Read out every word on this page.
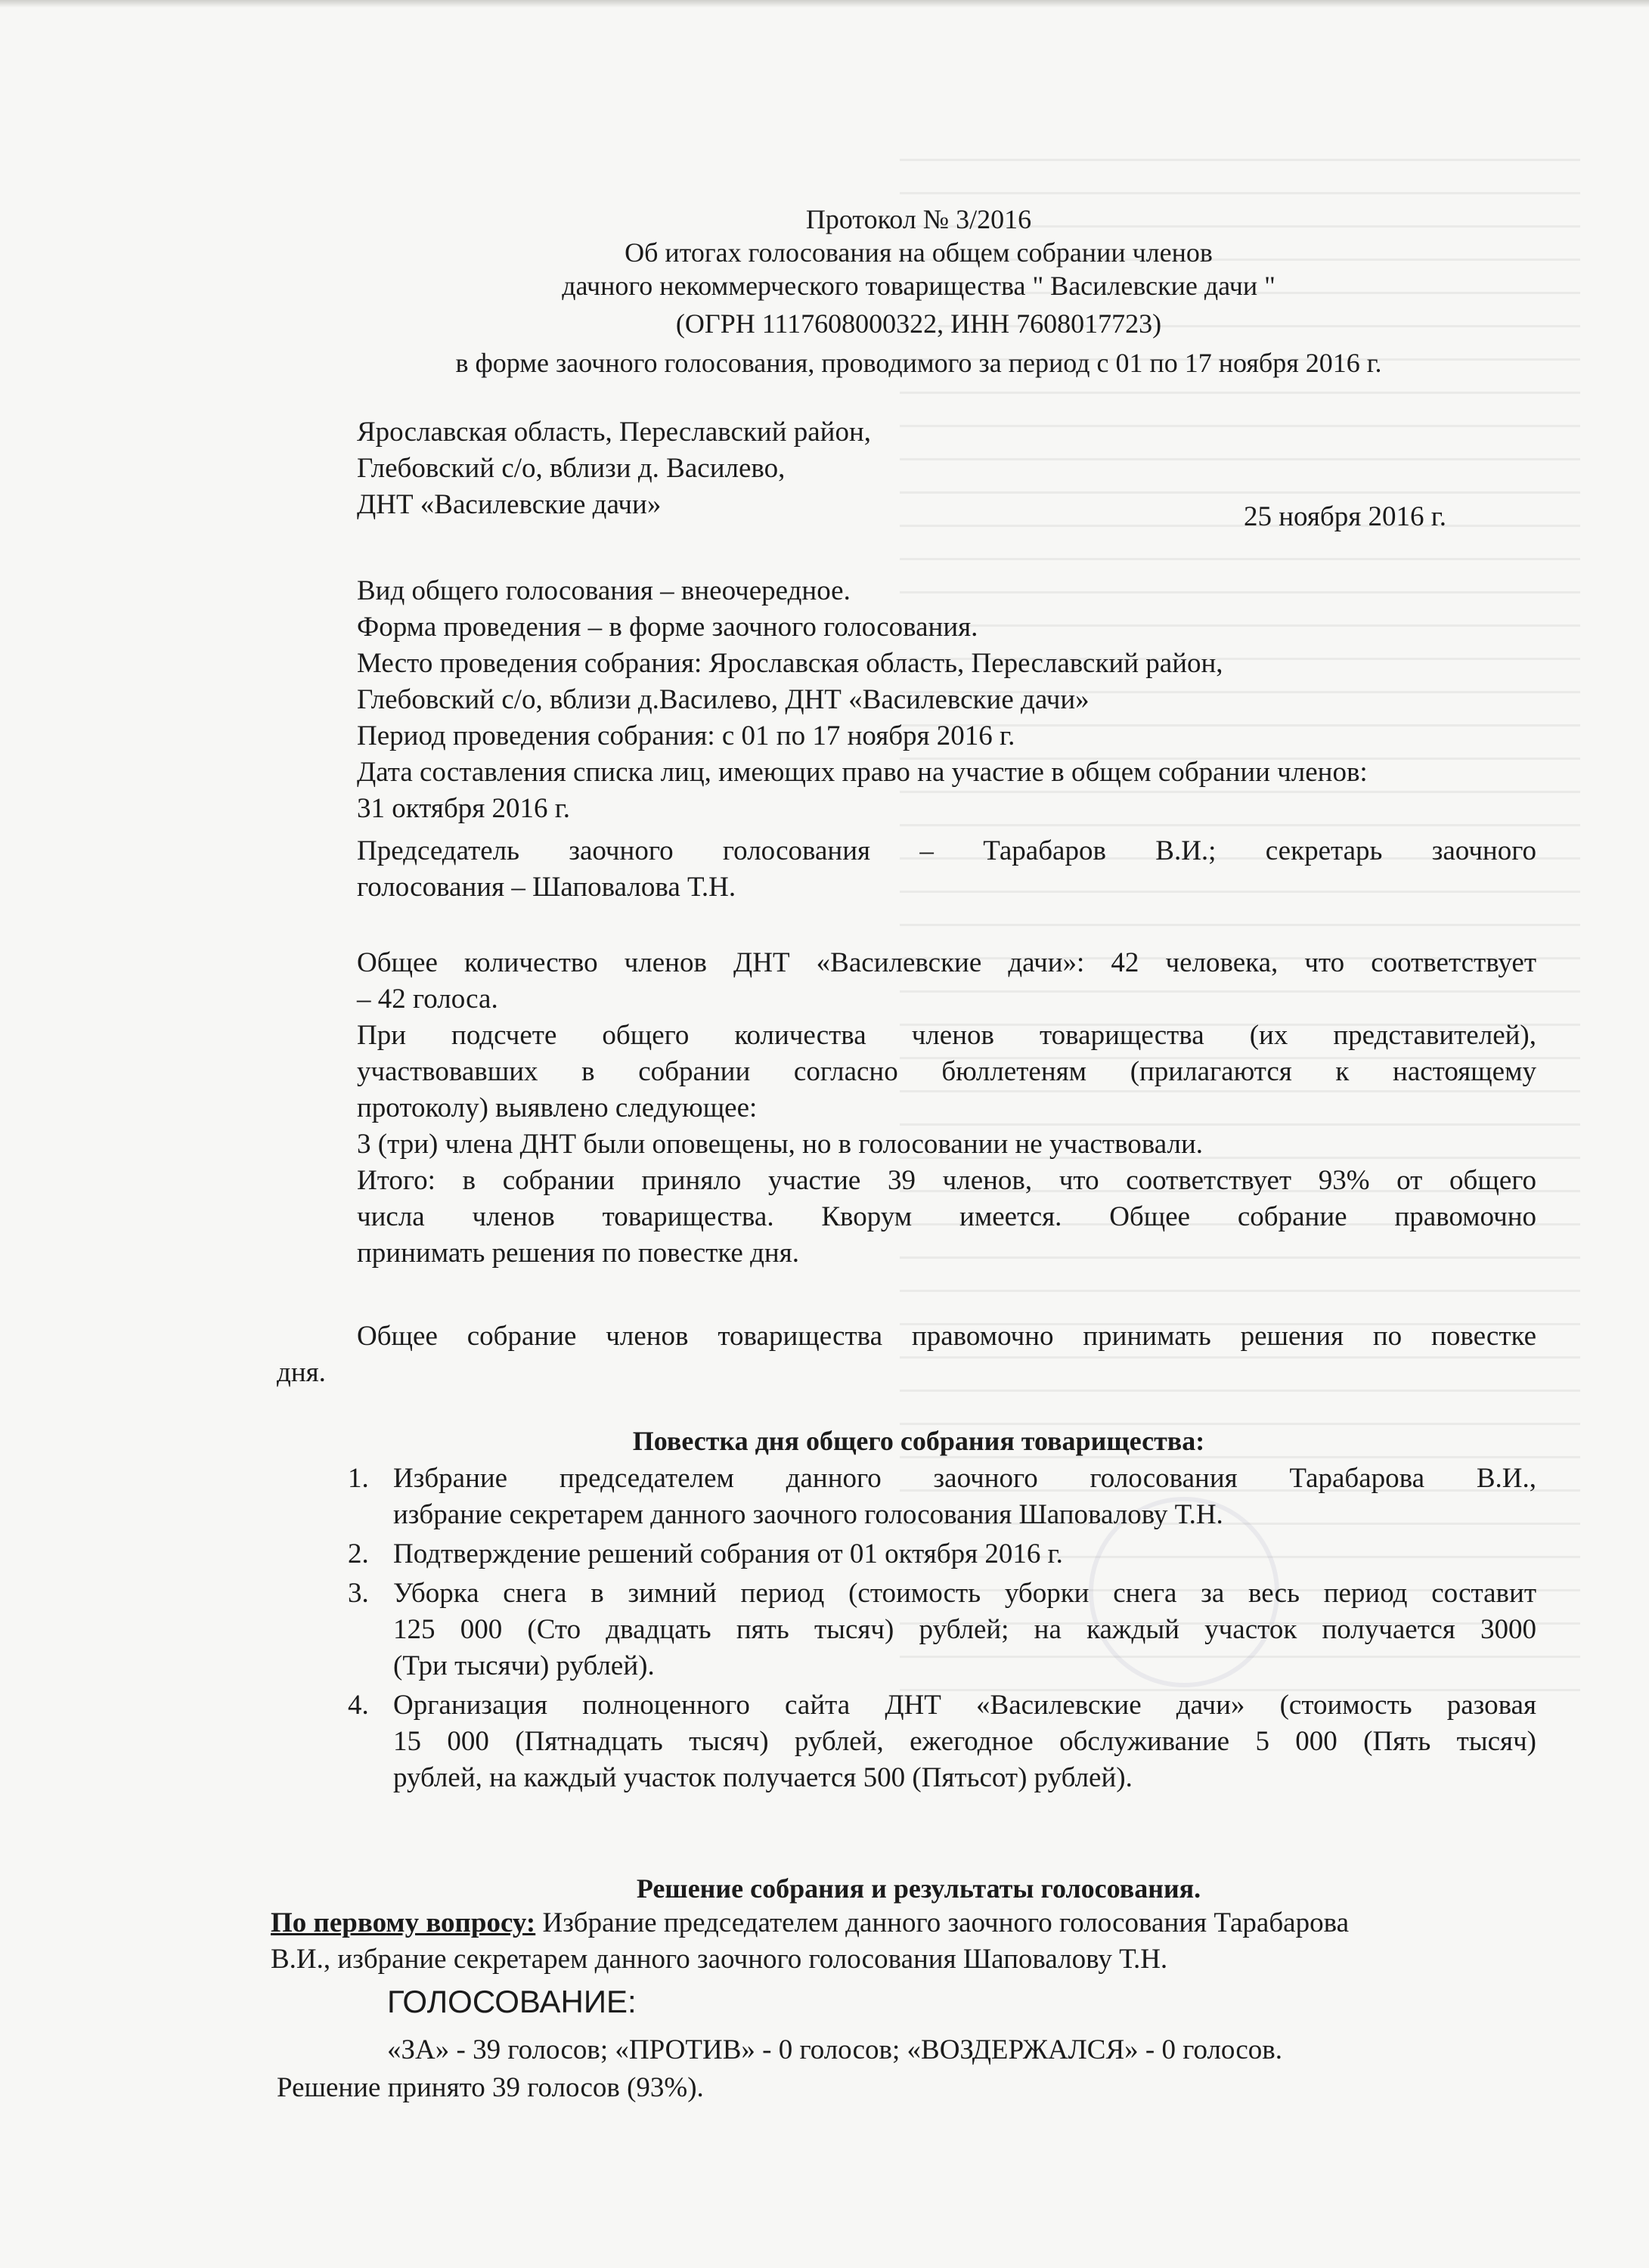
Протокол № 3/2016
Об итогах голосования на общем собрании членов
дачного некоммерческого товарищества " Василевские дачи "
(ОГРН 1117608000322, ИНН 7608017723)
в форме заочного голосования, проводимого за период с 01 по 17 ноября 2016 г.
Ярославская область, Переславский район,
Глебовский с/о, вблизи д. Василево,
ДНТ «Василевские дачи»	25 ноября 2016 г.
Вид общего голосования – внеочередное.
Форма проведения – в форме заочного голосования.
Место проведения собрания: Ярославская область, Переславский район,
Глебовский с/о, вблизи д.Василево, ДНТ «Василевские дачи»
Период проведения собрания: с 01 по 17 ноября 2016 г.
Дата составления списка лиц, имеющих право на участие в общем собрании членов:
31 октября 2016 г.
Председатель заочного голосования – Тарабаров В.И.; секретарь заочного
голосования – Шаповалова Т.Н.
Общее количество членов ДНТ «Василевские дачи»: 42 человека, что соответствует
– 42 голоса.
При подсчете общего количества членов товарищества (их представителей),
участвовавших в собрании согласно бюллетеням (прилагаются к настоящему
протоколу) выявлено следующее:
3 (три) члена ДНТ были оповещены, но в голосовании не участвовали.
Итого: в собрании приняло участие 39 членов, что соответствует 93% от общего
числа членов товарищества. Кворум имеется. Общее собрание правомочно
принимать решения по повестке дня.
Общее собрание членов товарищества правомочно принимать решения по повестке
дня.
Повестка дня общего собрания товарищества:
1. Избрание председателем данного заочного голосования Тарабарова В.И.,
избрание секретарем данного заочного голосования Шаповалову Т.Н.
2. Подтверждение решений собрания от 01 октября 2016 г.
3. Уборка снега в зимний период (стоимость уборки снега за весь период составит
125 000 (Сто двадцать пять тысяч) рублей; на каждый участок получается 3000
(Три тысячи) рублей).
4. Организация полноценного сайта ДНТ «Василевские дачи» (стоимость разовая
15 000 (Пятнадцать тысяч) рублей, ежегодное обслуживание 5 000 (Пять тысяч)
рублей, на каждый участок получается 500 (Пятьсот) рублей).
Решение собрания и результаты голосования.
По первому вопросу: Избрание председателем данного заочного голосования Тарабарова
В.И., избрание секретарем данного заочного голосования Шаповалову Т.Н.
ГОЛОСОВАНИЕ:
«ЗА» - 39 голосов; «ПРОТИВ» - 0 голосов; «ВОЗДЕРЖАЛСЯ» - 0 голосов.
Решение принято 39 голосов (93%).
